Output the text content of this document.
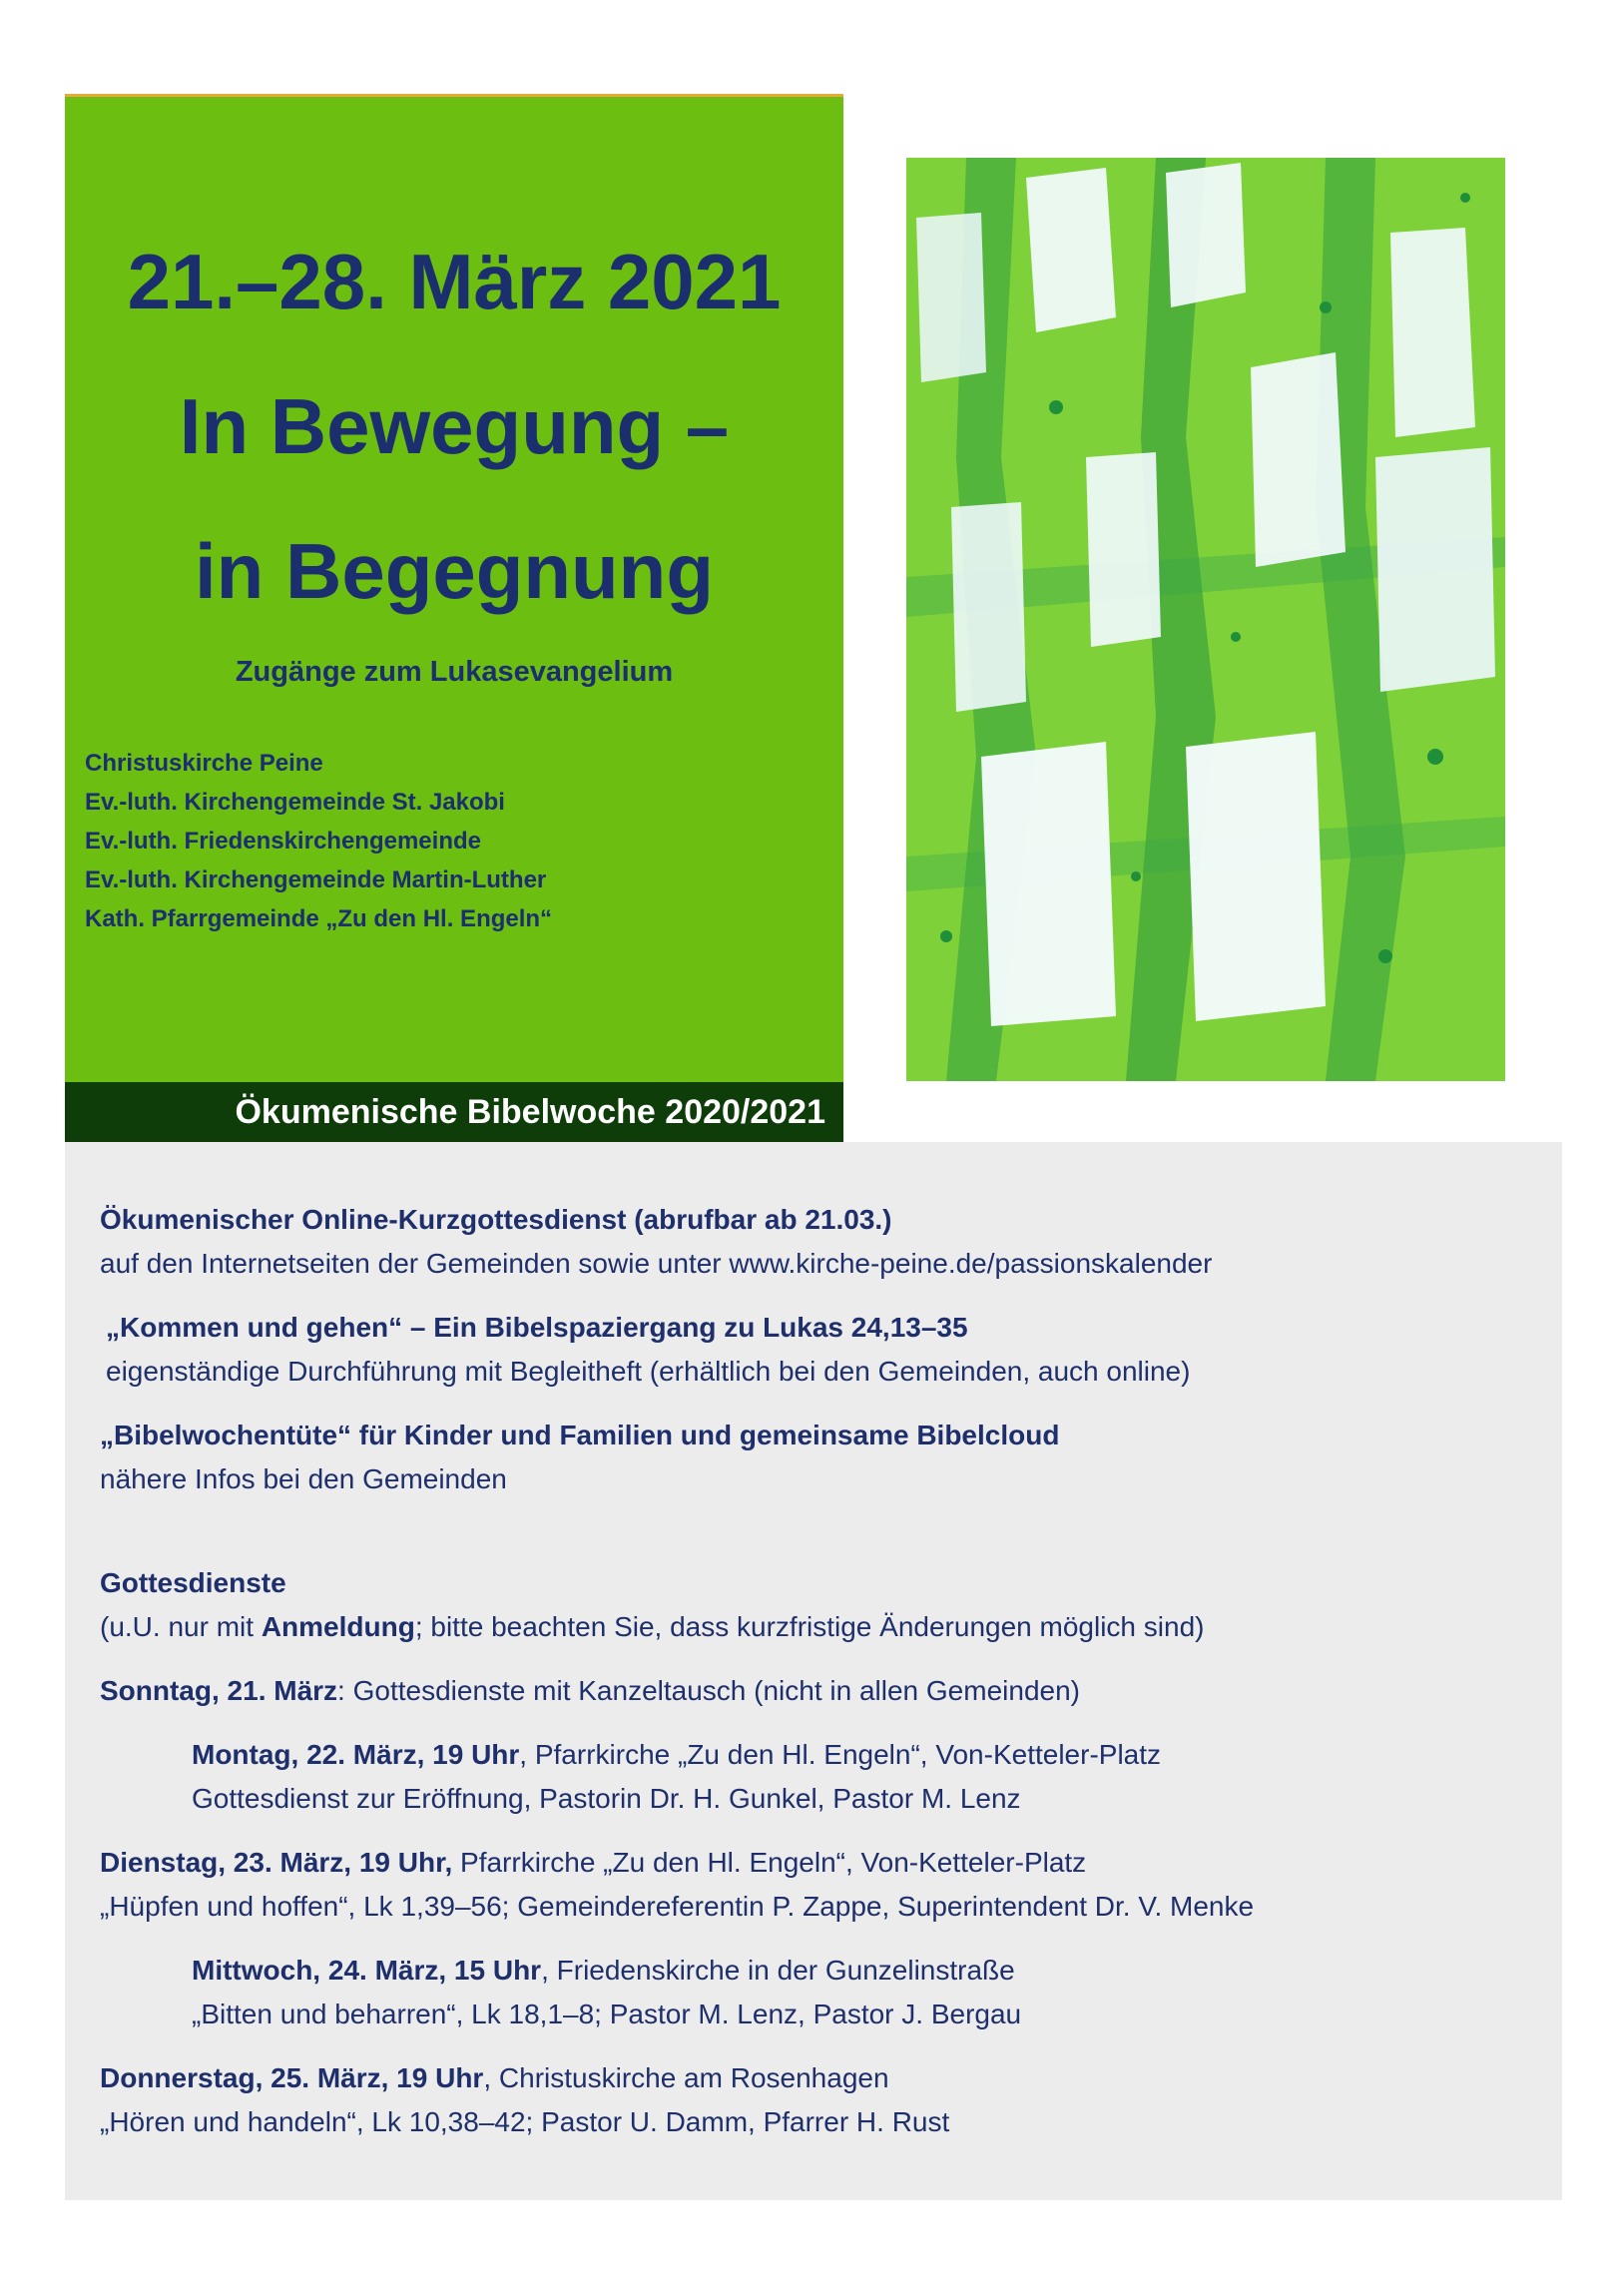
21.–28. März 2021
In Bewegung –
in Begegnung
Zugänge zum Lukasevangelium
Christuskirche Peine
Ev.-luth. Kirchengemeinde St. Jakobi
Ev.-luth. Friedenskirchengemeinde
Ev.-luth. Kirchengemeinde Martin-Luther
Kath. Pfarrgemeinde „Zu den Hl. Engeln“
Ökumenische Bibelwoche 2020/2021
Ökumenischer Online-Kurzgottesdienst (abrufbar ab 21.03.)
auf den Internetseiten der Gemeinden sowie unter www.kirche-peine.de/passionskalender
„Kommen und gehen“ – Ein Bibelspaziergang zu Lukas 24,13–35
eigenständige Durchführung mit Begleitheft (erhältlich bei den Gemeinden, auch online)
„Bibelwochentüte“ für Kinder und Familien und gemeinsame Bibelcloud
nähere Infos bei den Gemeinden
Gottesdienste
(u.U. nur mit Anmeldung; bitte beachten Sie, dass kurzfristige Änderungen möglich sind)
Sonntag, 21. März: Gottesdienste mit Kanzeltausch (nicht in allen Gemeinden)
Montag, 22. März, 19 Uhr, Pfarrkirche „Zu den Hl. Engeln“, Von-Ketteler-Platz
Gottesdienst zur Eröffnung, Pastorin Dr. H. Gunkel, Pastor M. Lenz
Dienstag, 23. März, 19 Uhr, Pfarrkirche „Zu den Hl. Engeln“, Von-Ketteler-Platz
„Hüpfen und hoffen“, Lk 1,39–56; Gemeindereferentin P. Zappe, Superintendent Dr. V. Menke
Mittwoch, 24. März, 15 Uhr, Friedenskirche in der Gunzelinstraße
„Bitten und beharren“, Lk 18,1–8; Pastor M. Lenz, Pastor J. Bergau
Donnerstag, 25. März, 19 Uhr, Christuskirche am Rosenhagen
„Hören und handeln“, Lk 10,38–42; Pastor U. Damm, Pfarrer H. Rust
